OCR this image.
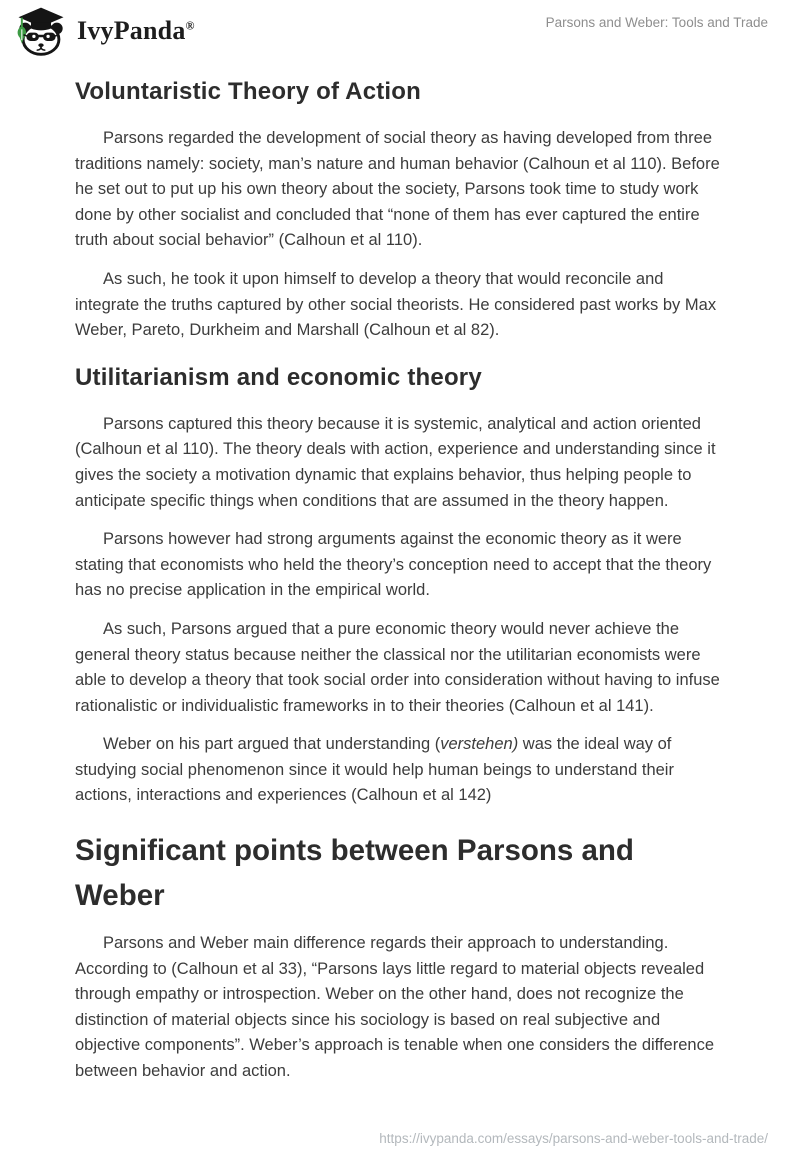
IvyPanda®	Parsons and Weber: Tools and Trade
Voluntaristic Theory of Action

Parsons regarded the development of social theory as having developed from three traditions namely: society, man’s nature and human behavior (Calhoun et al 110). Before he set out to put up his own theory about the society, Parsons took time to study work done by other socialist and concluded that “none of them has ever captured the entire truth about social behavior” (Calhoun et al 110).

As such, he took it upon himself to develop a theory that would reconcile and integrate the truths captured by other social theorists. He considered past works by Max Weber, Pareto, Durkheim and Marshall (Calhoun et al 82).

Utilitarianism and economic theory

Parsons captured this theory because it is systemic, analytical and action oriented (Calhoun et al 110). The theory deals with action, experience and understanding since it gives the society a motivation dynamic that explains behavior, thus helping people to anticipate specific things when conditions that are assumed in the theory happen.

Parsons however had strong arguments against the economic theory as it were stating that economists who held the theory’s conception need to accept that the theory has no precise application in the empirical world.

As such, Parsons argued that a pure economic theory would never achieve the general theory status because neither the classical nor the utilitarian economists were able to develop a theory that took social order into consideration without having to infuse rationalistic or individualistic frameworks in to their theories (Calhoun et al 141).

Weber on his part argued that understanding (verstehen) was the ideal way of studying social phenomenon since it would help human beings to understand their actions, interactions and experiences (Calhoun et al 142)

Significant points between Parsons and Weber

Parsons and Weber main difference regards their approach to understanding. According to (Calhoun et al 33), “Parsons lays little regard to material objects revealed through empathy or introspection. Weber on the other hand, does not recognize the distinction of material objects since his sociology is based on real subjective and objective components”. Weber’s approach is tenable when one considers the difference between behavior and action.

https://ivypanda.com/essays/parsons-and-weber-tools-and-trade/
